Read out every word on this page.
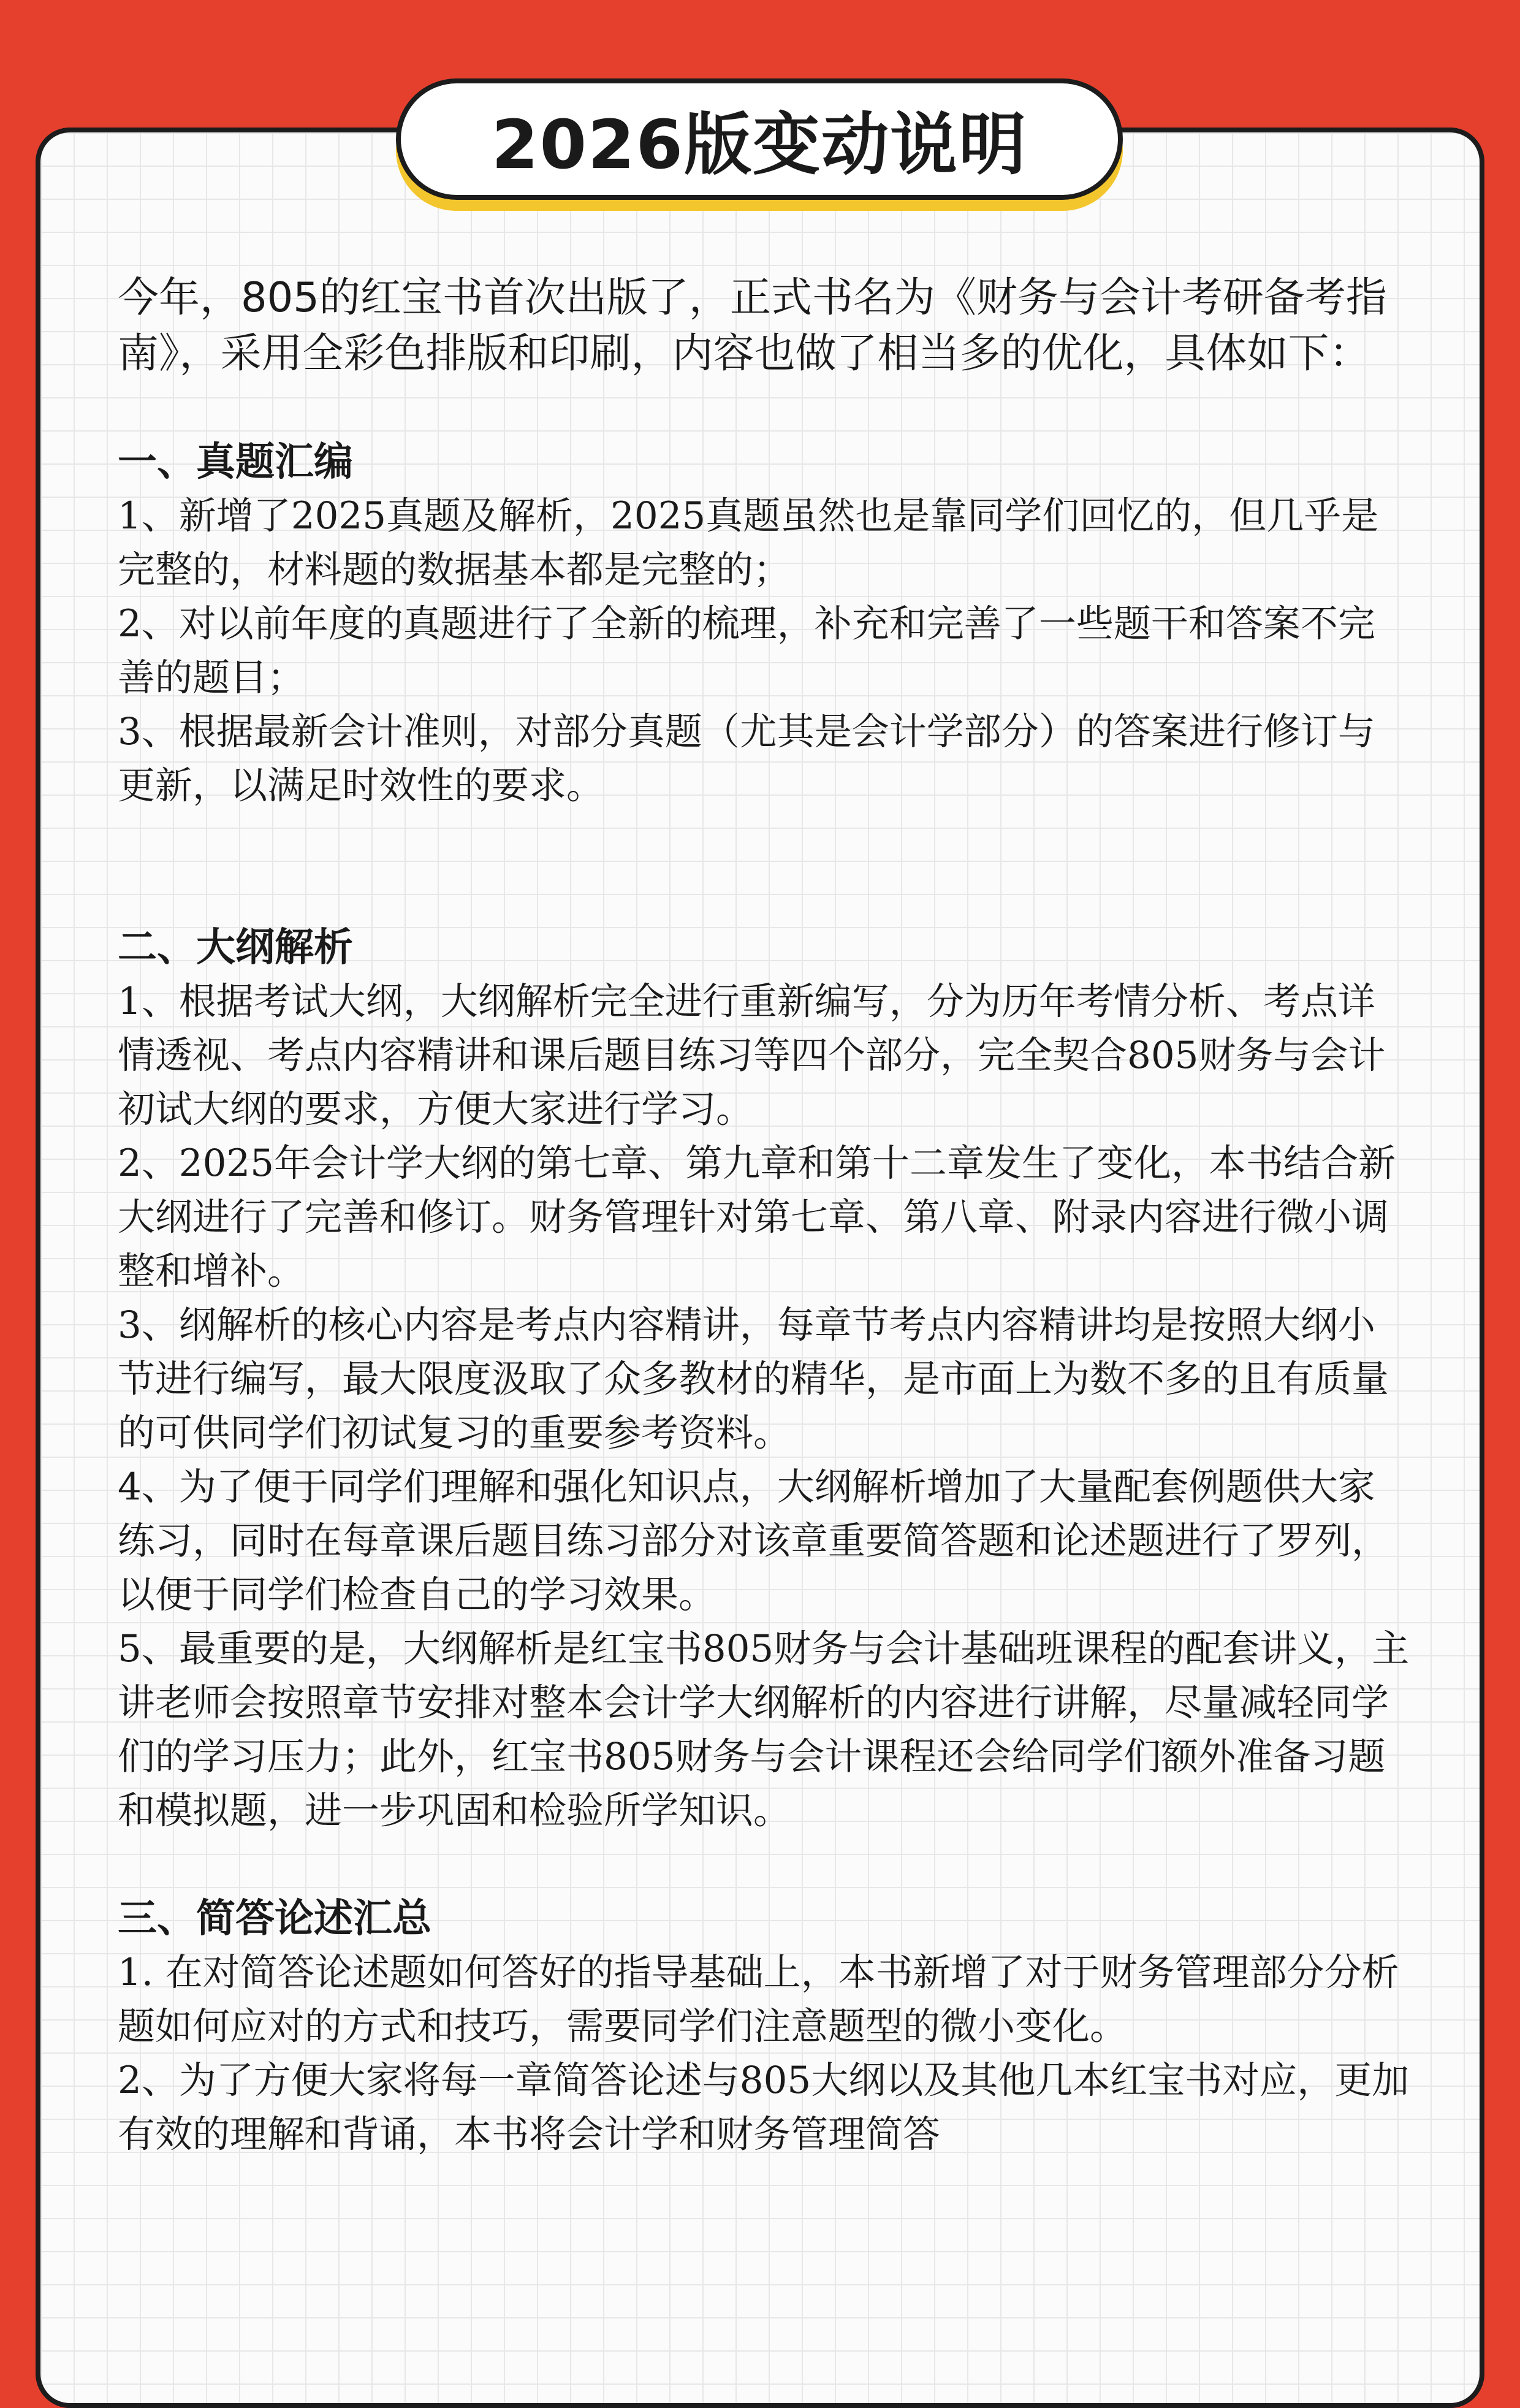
2026版变动说明

今年，805的红宝书首次出版了，正式书名为《财务与会计考研备考指南》，采用全彩色排版和印刷，内容也做了相当多的优化，具体如下：

一、真题汇编

1、新增了2025真题及解析，2025真题虽然也是靠同学们回忆的，但几乎是完整的，材料题的数据基本都是完整的；

2、对以前年度的真题进行了全新的梳理，补充和完善了一些题干和答案不完善的题目；

3、根据最新会计准则，对部分真题（尤其是会计学部分）的答案进行修订与更新，以满足时效性的要求。

二、大纲解析

1、根据考试大纲，大纲解析完全进行重新编写，分为历年考情分析、考点详情透视、考点内容精讲和课后题目练习等四个部分，完全契合805财务与会计初试大纲的要求，方便大家进行学习。

2、2025年会计学大纲的第七章、第九章和第十二章发生了变化，本书结合新大纲进行了完善和修订。财务管理针对第七章、第八章、附录内容进行微小调整和增补。

3、纲解析的核心内容是考点内容精讲，每章节考点内容精讲均是按照大纲小节进行编写，最大限度汲取了众多教材的精华，是市面上为数不多的且有质量的可供同学们初试复习的重要参考资料。

4、为了便于同学们理解和强化知识点，大纲解析增加了大量配套例题供大家练习，同时在每章课后题目练习部分对该章重要简答题和论述题进行了罗列，以便于同学们检查自己的学习效果。

5、最重要的是，大纲解析是红宝书805财务与会计基础班课程的配套讲义，主讲老师会按照章节安排对整本会计学大纲解析的内容进行讲解，尽量减轻同学们的学习压力；此外，红宝书805财务与会计课程还会给同学们额外准备习题和模拟题，进一步巩固和检验所学知识。

三、简答论述汇总

1. 在对简答论述题如何答好的指导基础上，本书新增了对于财务管理部分分析题如何应对的方式和技巧，需要同学们注意题型的微小变化。

2、为了方便大家将每一章简答论述与805大纲以及其他几本红宝书对应，更加有效的理解和背诵，本书将会计学和财务管理简答
